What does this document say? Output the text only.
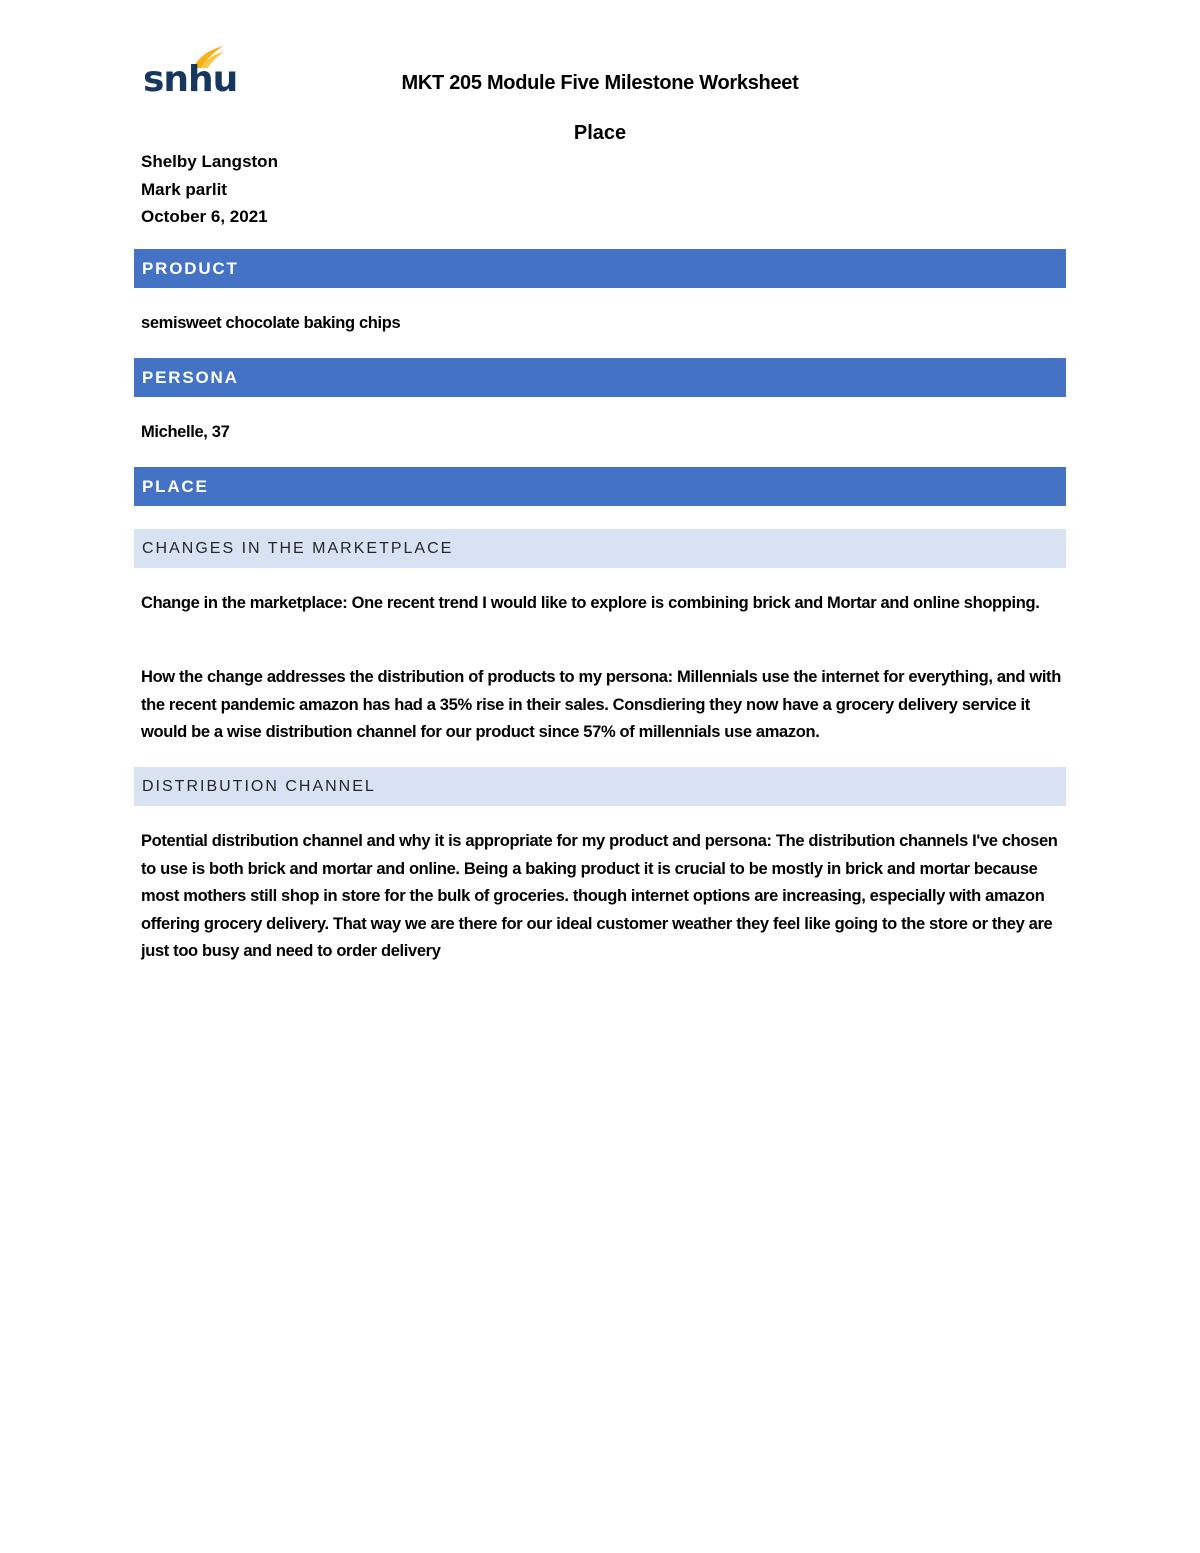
snhu	MKT 205 Module Five Milestone Worksheet
Place
Shelby Langston
Mark parlit
October 6, 2021
PRODUCT
semisweet chocolate baking chips
PERSONA
Michelle, 37
PLACE
CHANGES IN THE MARKETPLACE
Change in the marketplace: One recent trend I would like to explore is combining brick and Mortar and online shopping.
How the change addresses the distribution of products to my persona: Millennials use the internet for everything, and with the recent pandemic amazon has had a 35% rise in their sales. Consdiering they now have a grocery delivery service it would be a wise distribution channel for our product since 57% of millennials use amazon.
DISTRIBUTION CHANNEL
Potential distribution channel and why it is appropriate for my product and persona: The distribution channels I've chosen to use is both brick and mortar and online. Being a baking product it is crucial to be mostly in brick and mortar because most mothers still shop in store for the bulk of groceries. though internet options are increasing, especially with amazon offering grocery delivery. That way we are there for our ideal customer weather they feel like going to the store or they are just too busy and need to order delivery
